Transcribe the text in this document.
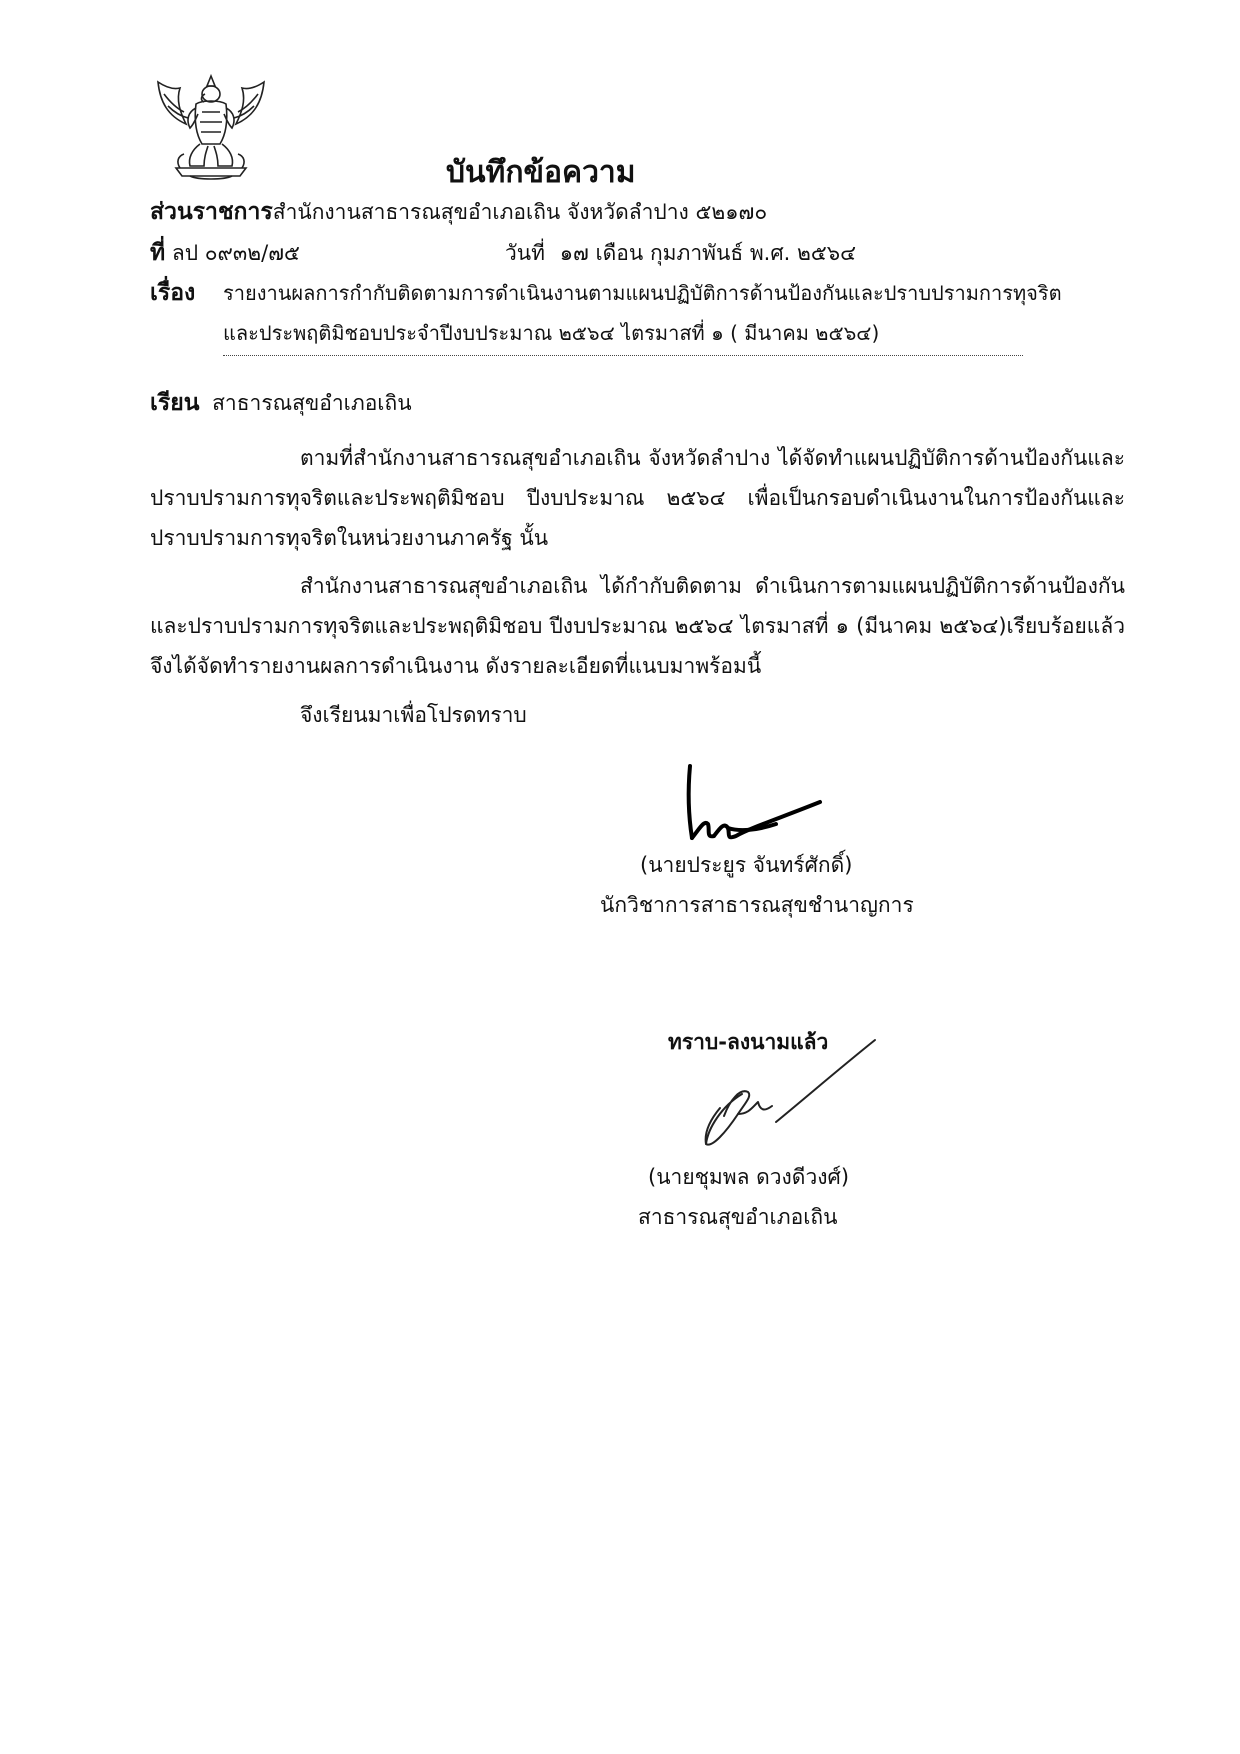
บันทึกข้อความ
ส่วนราชการสำนักงานสาธารณสุขอำเภอเถิน จังหวัดลำปาง ๕๒๑๗๐
ที่ ลป ๐๙๓๒/๗๕	วันที่ ๑๗ เดือน กุมภาพันธ์ พ.ศ. ๒๕๖๔
เรื่อง รายงานผลการกำกับติดตามการดำเนินงานตามแผนปฏิบัติการด้านป้องกันและปราบปรามการทุจริต
และประพฤติมิชอบประจำปีงบประมาณ ๒๕๖๔ ไตรมาสที่ ๑ ( มีนาคม ๒๕๖๔)
เรียน สาธารณสุขอำเภอเถิน
ตามที่สำนักงานสาธารณสุขอำเภอเถิน จังหวัดลำปาง ได้จัดทำแผนปฏิบัติการด้านป้องกันและปราบปรามการทุจริตและประพฤติมิชอบ ปีงบประมาณ ๒๕๖๔ เพื่อเป็นกรอบดำเนินงานในการป้องกันและปราบปรามการทุจริตในหน่วยงานภาครัฐ นั้น
สำนักงานสาธารณสุขอำเภอเถิน ได้กำกับติดตาม ดำเนินการตามแผนปฏิบัติการด้านป้องกันและปราบปรามการทุจริตและประพฤติมิชอบ ปีงบประมาณ ๒๕๖๔ ไตรมาสที่ ๑ (มีนาคม ๒๕๖๔)เรียบร้อยแล้ว จึงได้จัดทำรายงานผลการดำเนินงาน ดังรายละเอียดที่แนบมาพร้อมนี้
จึงเรียนมาเพื่อโปรดทราบ
(นายประยูร จันทร์ศักดิ์)
นักวิชาการสาธารณสุขชำนาญการ
ทราบ-ลงนามแล้ว
(นายชุมพล ดวงดีวงศ์)
สาธารณสุขอำเภอเถิน
